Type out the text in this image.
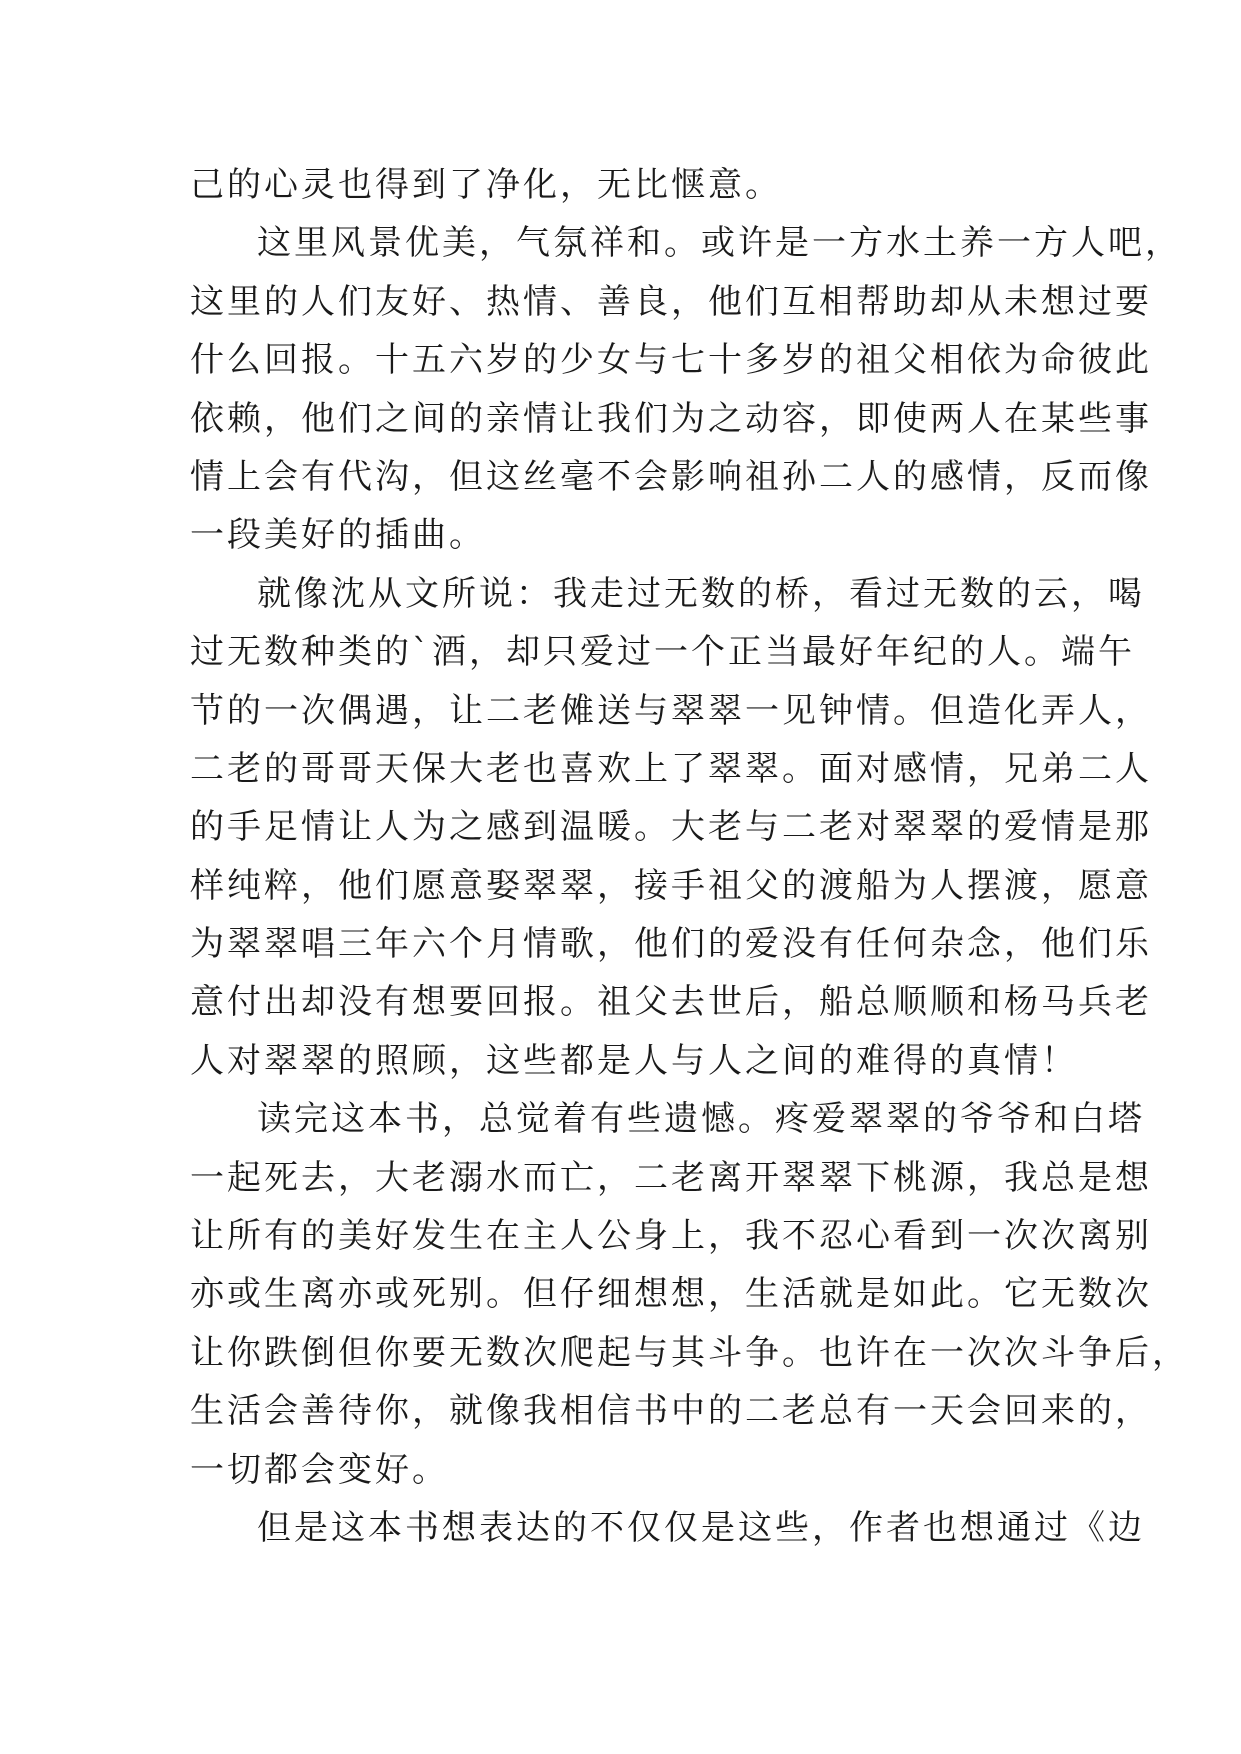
己的心灵也得到了净化，无比惬意。
这里风景优美，气氛祥和。或许是一方水土养一方人吧，
这里的人们友好、热情、善良，他们互相帮助却从未想过要
什么回报。十五六岁的少女与七十多岁的祖父相依为命彼此
依赖，他们之间的亲情让我们为之动容，即使两人在某些事
情上会有代沟，但这丝毫不会影响祖孙二人的感情，反而像
一段美好的插曲。
就像沈从文所说：我走过无数的桥，看过无数的云，喝
过无数种类的`酒，却只爱过一个正当最好年纪的人。端午
节的一次偶遇，让二老傩送与翠翠一见钟情。但造化弄人，
二老的哥哥天保大老也喜欢上了翠翠。面对感情，兄弟二人
的手足情让人为之感到温暖。大老与二老对翠翠的爱情是那
样纯粹，他们愿意娶翠翠，接手祖父的渡船为人摆渡，愿意
为翠翠唱三年六个月情歌，他们的爱没有任何杂念，他们乐
意付出却没有想要回报。祖父去世后，船总顺顺和杨马兵老
人对翠翠的照顾，这些都是人与人之间的难得的真情！
读完这本书，总觉着有些遗憾。疼爱翠翠的爷爷和白塔
一起死去，大老溺水而亡，二老离开翠翠下桃源，我总是想
让所有的美好发生在主人公身上，我不忍心看到一次次离别
亦或生离亦或死别。但仔细想想，生活就是如此。它无数次
让你跌倒但你要无数次爬起与其斗争。也许在一次次斗争后，
生活会善待你，就像我相信书中的二老总有一天会回来的，
一切都会变好。
但是这本书想表达的不仅仅是这些，作者也想通过《边
